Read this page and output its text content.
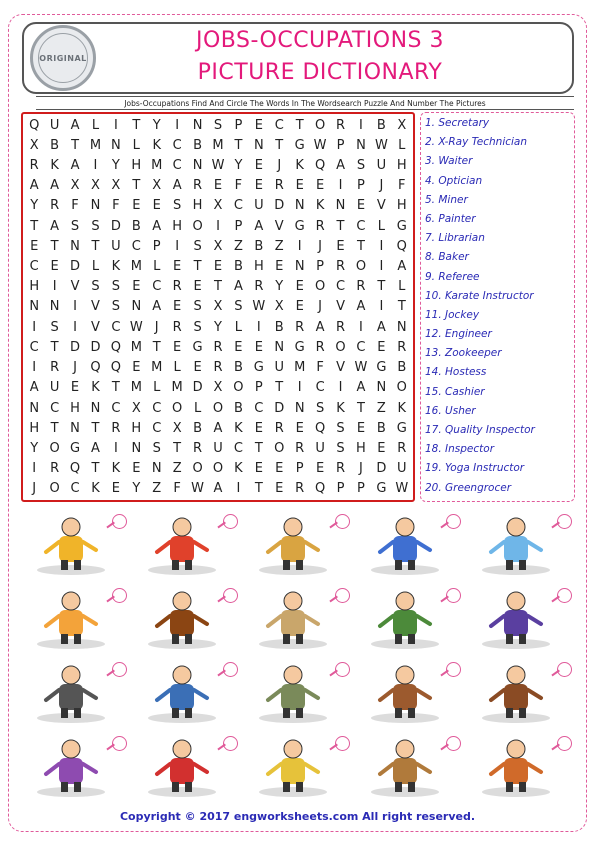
ORIGINAL
JOBS-OCCUPATIONS 3
PICTURE DICTIONARY
Jobs-Occupations Find And Circle The Words In The Wordsearch Puzzle And Number The Pictures
Q U A L	I	T Y	I	N S P E C T O R	I	B X
X B T M N L K C B M T N T G W P N W L
R K A	I	Y H M C N W Y E	J	K Q A S U H
A A X X X T X A R E F E R E E	I	P	J	F
Y R F N F E E S H X C U D N K N E V H
T A S S D B A H O	I	P A V G R T C L G
E T N T U C P	I	S X Z B Z	I	J	E T	I	Q
C E D L K M L E T E B H E N P R O	I	A
H	I	V S S E C R E T A R Y E O C R T L
N N	I	V S N A E S X S W X E	J	V A	I	T
I	S	I	V C W J	R S Y L	I	B R A R	I	A N
C T D D Q M T E G R E E N G R O C E R
I	R	J	Q Q E M L E R B G U M F V W G B
A U E K T M L M D X O P T	I	C	I	A N O
N C H N C X C O L O B C D N S K T Z K
H T N T R H C X B A K E R E Q S E B G
Y O G A	I	N S T R U C T O R U S H E R
I	R Q T K E N Z O O K E E P E R	J	D U
J	O C K E Y Z F W A	I	T E R Q P P G W
1. Secretary
2. X-Ray Technician
3. Waiter
4. Optician
5. Miner
6. Painter
7. Librarian
8. Baker
9. Referee
10. Karate Instructor
11. Jockey
12. Engineer
13. Zookeeper
14. Hostess
15. Cashier
16. Usher
17. Quality Inspector
18. Inspector
19. Yoga Instructor
20. Greengrocer
Copyright © 2017 engworksheets.com All right reserved.
